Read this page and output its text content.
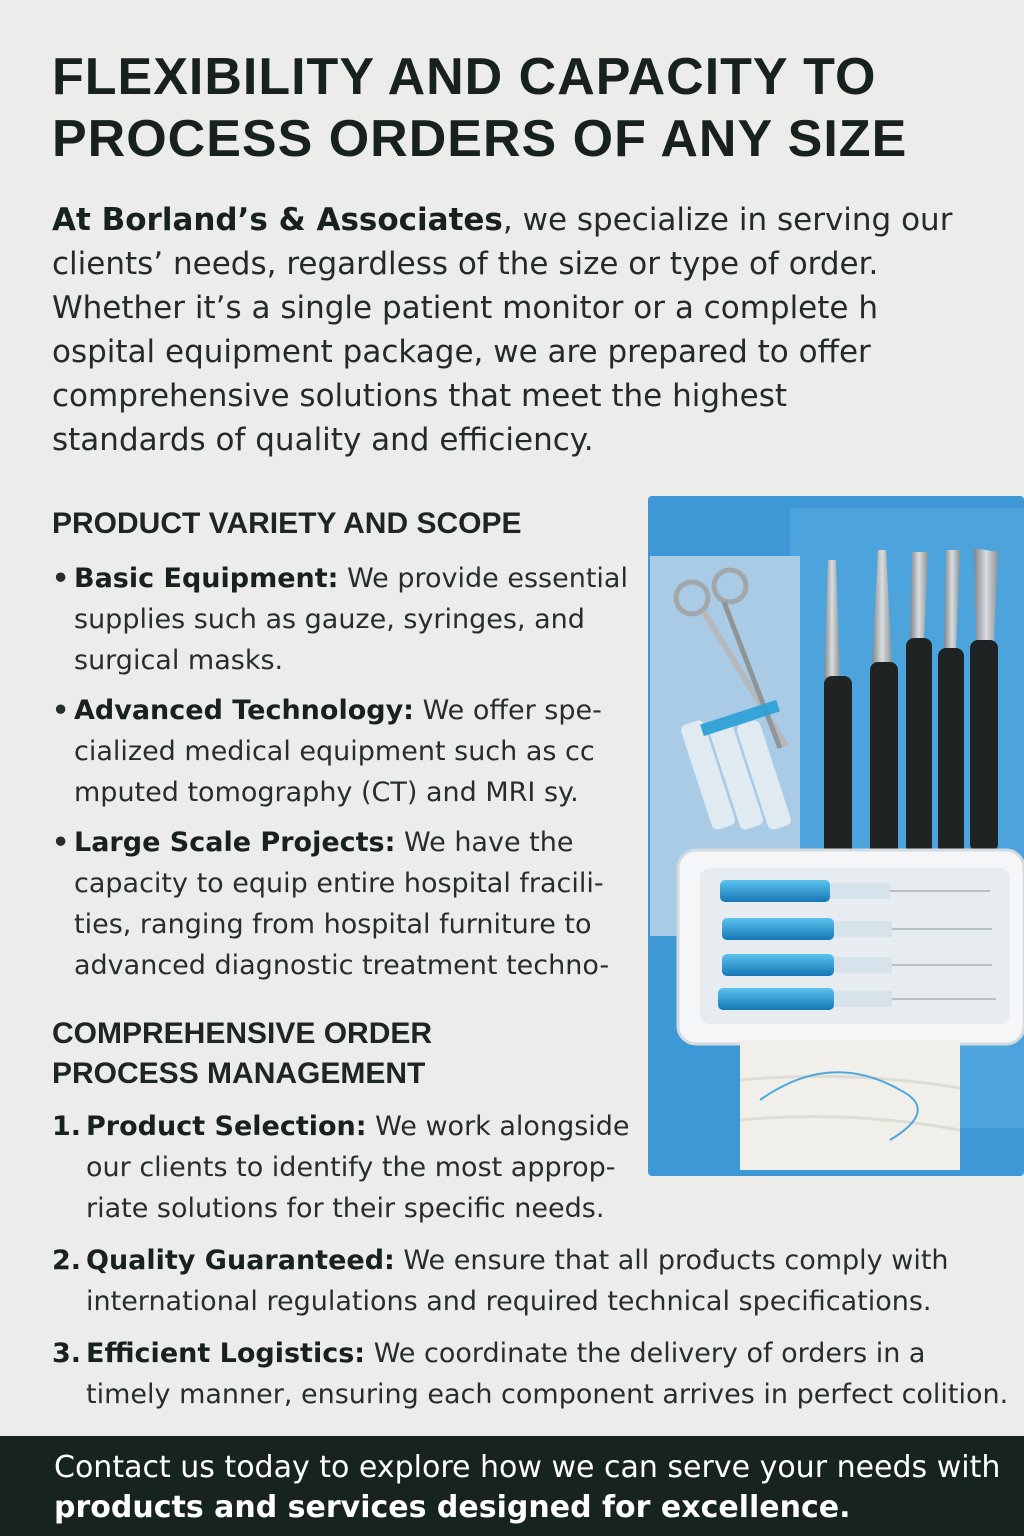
FLEXIBILITY AND CAPACITY TO
PROCESS ORDERS OF ANY SIZE

At Borland’s & Associates, we specialize in serving our
clients’ needs, regardless of the size or type of order.
Whether it’s a single patient monitor or a complete h
ospital equipment package, we are prepared to offer
comprehensive solutions that meet the highest
standards of quality and efficiency.

PRODUCT VARIETY AND SCOPE
• Basic Equipment: We provide essential
supplies such as gauze, syringes, and
surgical masks.
• Advanced Technology: We offer spe-
cialized medical equipment such as cc
mputed tomography (CT) and MRI sy.
• Large Scale Projects: We have the
capacity to equip entire hospital fracili-
ties, ranging from hospital furniture to
advanced diagnostic treatment techno-
COMPREHENSIVE ORDER
PROCESS MANAGEMENT
1. Product Selection: We work alongside
our clients to identify the most approp-
riate solutions for their specific needs.
2. Quality Guaranteed: We ensure that all prođucts comply with
international regulations and required technical specifications.
3. Efficient Logistics: We coordinate the delivery of orders in a
timely manner, ensuring each component arrives in perfect colition.
Contact us today to explore how we can serve your needs with
products and services designed for excellence.
